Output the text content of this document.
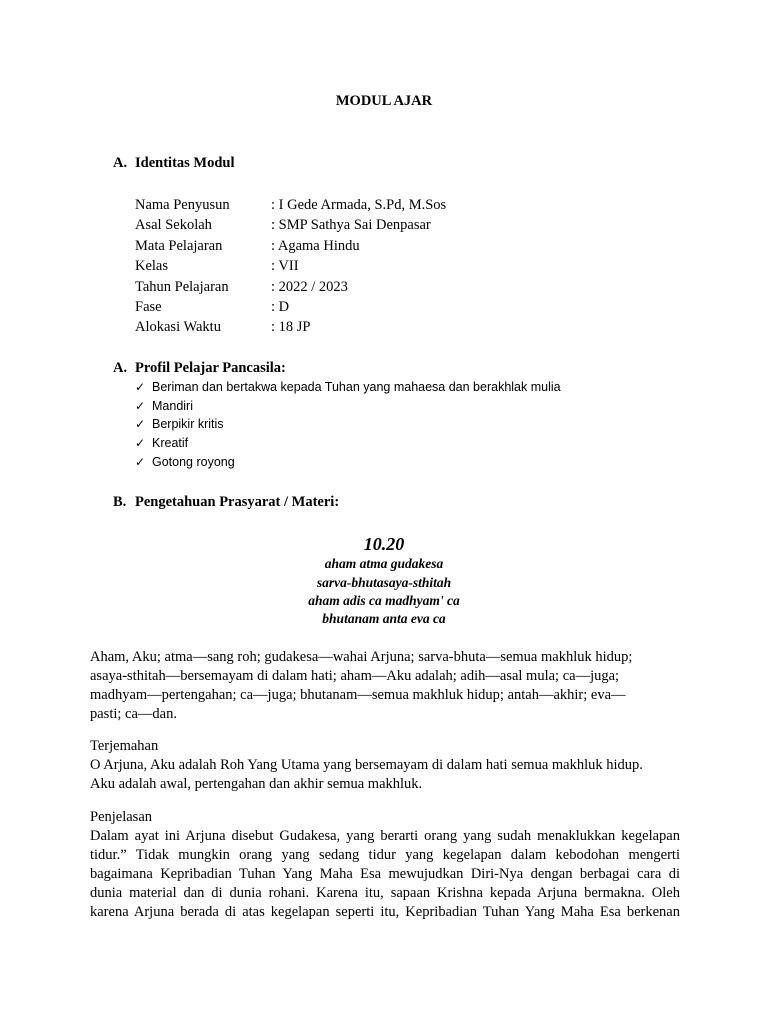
MODUL AJAR
A. Identitas Modul
Nama Penyusun	: I Gede Armada, S.Pd, M.Sos
Asal Sekolah	: SMP Sathya Sai Denpasar
Mata Pelajaran	: Agama Hindu
Kelas	: VII
Tahun Pelajaran	: 2022 / 2023
Fase	: D
Alokasi Waktu	: 18 JP
A. Profil Pelajar Pancasila:
✓ Beriman dan bertakwa kepada Tuhan yang mahaesa dan berakhlak mulia
✓ Mandiri
✓ Berpikir kritis
✓ Kreatif
✓ Gotong royong
B. Pengetahuan Prasyarat / Materi:
10.20
aham atma gudakesa
sarva-bhutasaya-sthitah
aham adis ca madhyam' ca
bhutanam anta eva ca
Aham, Aku; atma—sang roh; gudakesa—wahai Arjuna; sarva-bhuta—semua makhluk hidup;
asaya-sthitah—bersemayam di dalam hati; aham—Aku adalah; adih—asal mula; ca—juga;
madhyam—pertengahan; ca—juga; bhutanam—semua makhluk hidup; antah—akhir; eva—
pasti; ca—dan.
Terjemahan
O Arjuna, Aku adalah Roh Yang Utama yang bersemayam di dalam hati semua makhluk hidup.
Aku adalah awal, pertengahan dan akhir semua makhluk.
Penjelasan
Dalam ayat ini Arjuna disebut Gudakesa, yang berarti orang yang sudah menaklukkan kegelapan
tidur.” Tidak mungkin orang yang sedang tidur yang kegelapan dalam kebodohan mengerti
bagaimana Kepribadian Tuhan Yang Maha Esa mewujudkan Diri-Nya dengan berbagai cara di
dunia material dan di dunia rohani. Karena itu, sapaan Krishna kepada Arjuna bermakna. Oleh
karena Arjuna berada di atas kegelapan seperti itu, Kepribadian Tuhan Yang Maha Esa berkenan
